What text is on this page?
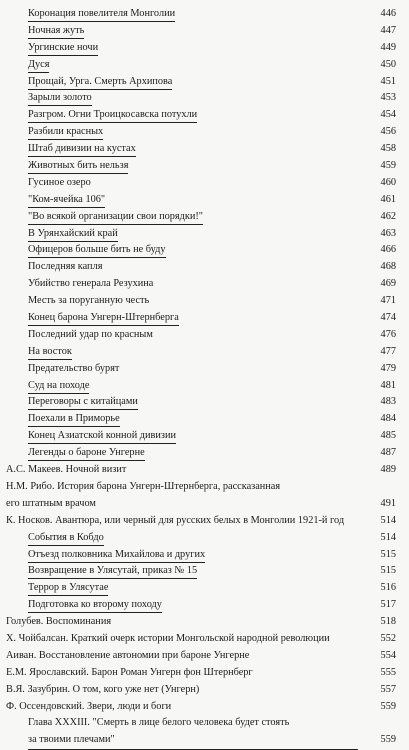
Коронация повелителя Монголии	446
Ночная жуть	447
Ургинские ночи	449
Дуся	450
Прощай, Урга. Смерть Архипова	451
Зарыли золото	453
Разгром. Огни Троицкосавска потухли	454
Разбили красных	456
Штаб дивизии на кустах	458
Животных бить нельзя	459
Гусиное озеро	460
"Ком-ячейка 106"	461
"Во всякой организации свои порядки!"	462
В Урянхайский край	463
Офицеров больше бить не буду	466
Последняя капля	468
Убийство генерала Резухина	469
Месть за поруганную честь	471
Конец барона Унгерн-Штернберга	474
Последний удар по красным	476
На восток	477
Предательство бурят	479
Суд на походе	481
Переговоры с китайцами	483
Поехали в Приморье	484
Конец Азиатской конной дивизии	485
Легенды о бароне Унгерне	487
А.С. Макеев. Ночной визит	489
Н.М. Рибо. История барона Унгерн-Штернберга, рассказанная
его штатным врачом	491
К. Носков. Авантюра, или черный для русских белых в Монголии 1921-й год	514
События в Кобдо	514
Отъезд полковника Михайлова и других	515
Возвращение в Улясутай, приказ № 15	515
Террор в Улясутае	516
Подготовка ко второму походу	517
Голубев. Воспоминания	518
Х. Чойбалсан. Краткий очерк истории Монгольской народной революции	552
Аиван. Восстановление автономии при бароне Унгерне	554
Е.М. Ярославский. Барон Роман Унгерн фон Штернберг	555
В.Я. Зазубрин. О том, кого уже нет (Унгерн)	557
Ф. Оссендовский. Звери, люди и боги	559
Глава XXXIII. "Смерть в лице белого человека будет стоять
за твоими плечами"	559
